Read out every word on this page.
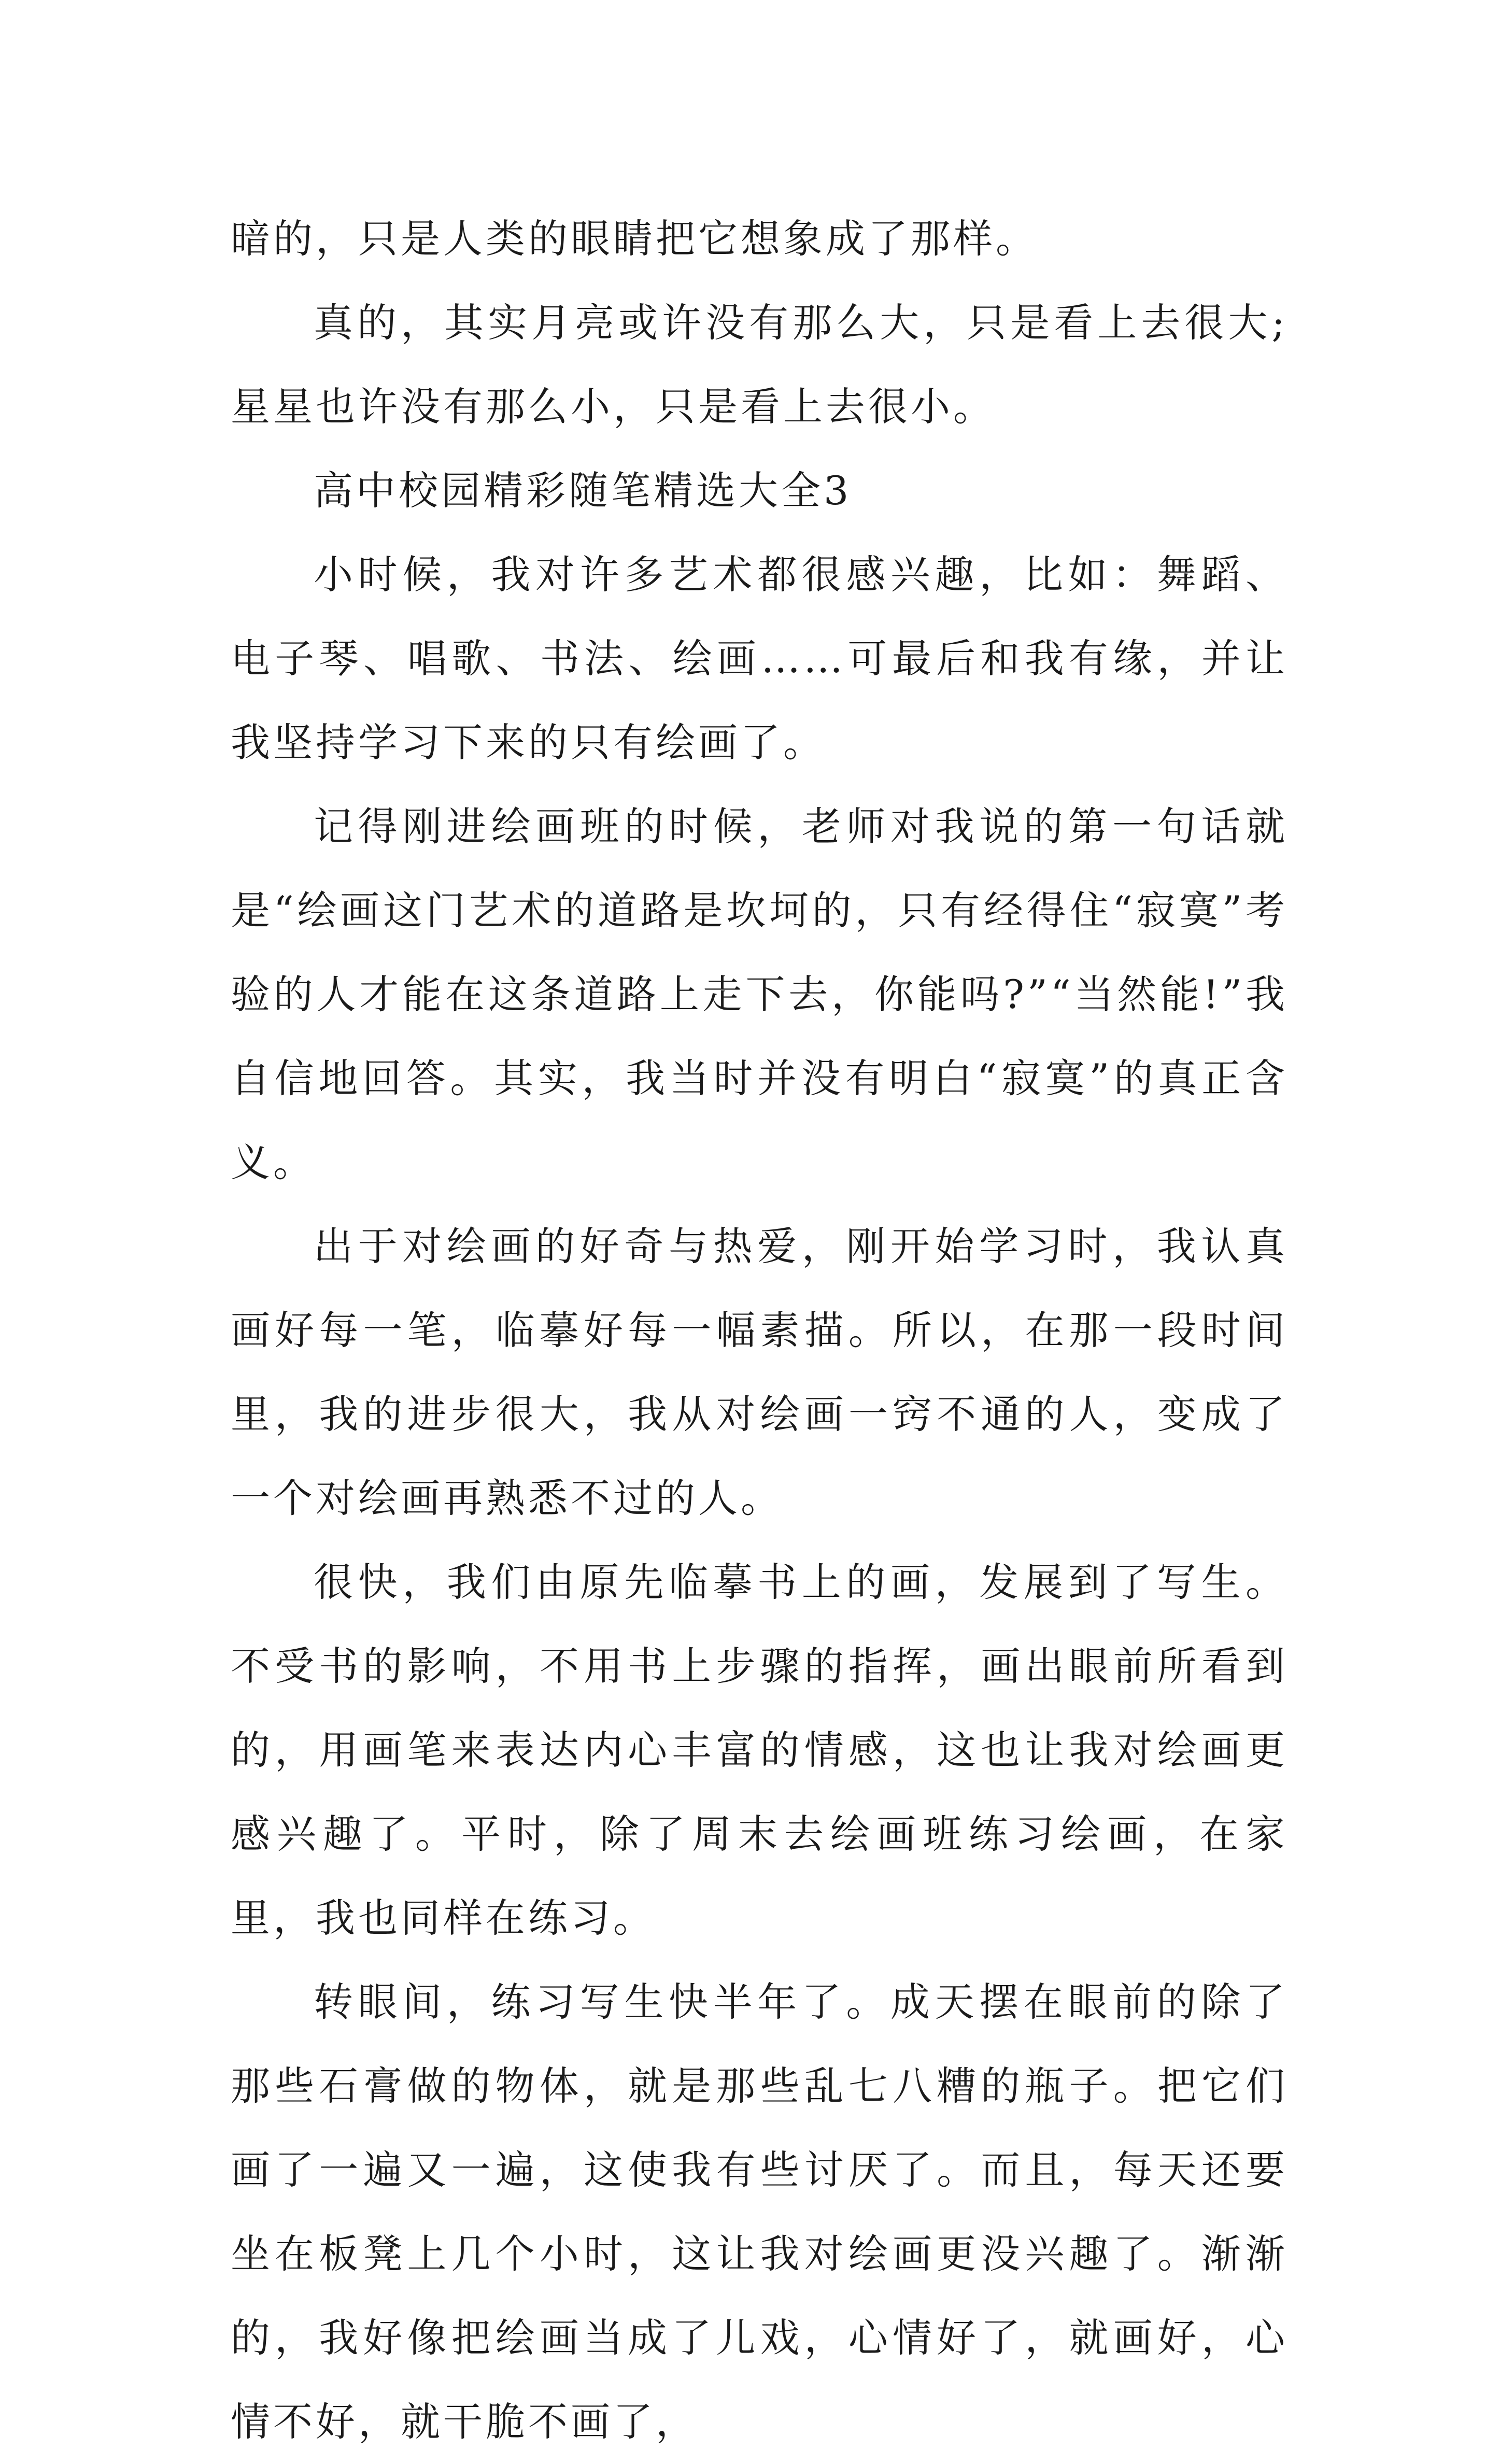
暗的，只是人类的眼睛把它想象成了那样。

真的，其实月亮或许没有那么大，只是看上去很大;星星也许没有那么小，只是看上去很小。

高中校园精彩随笔精选大全3

小时候，我对许多艺术都很感兴趣，比如：舞蹈、电子琴、唱歌、书法、绘画……可最后和我有缘，并让我坚持学习下来的只有绘画了。

记得刚进绘画班的时候，老师对我说的第一句话就是“绘画这门艺术的道路是坎坷的，只有经得住“寂寞”考验的人才能在这条道路上走下去，你能吗?”“当然能!”我自信地回答。其实，我当时并没有明白“寂寞”的真正含义。

出于对绘画的好奇与热爱，刚开始学习时，我认真画好每一笔，临摹好每一幅素描。所以，在那一段时间里，我的进步很大，我从对绘画一窍不通的人，变成了一个对绘画再熟悉不过的人。

很快，我们由原先临摹书上的画，发展到了写生。不受书的影响，不用书上步骤的指挥，画出眼前所看到的，用画笔来表达内心丰富的情感，这也让我对绘画更感兴趣了。平时，除了周末去绘画班练习绘画，在家里，我也同样在练习。

转眼间，练习写生快半年了。成天摆在眼前的除了那些石膏做的物体，就是那些乱七八糟的瓶子。把它们画了一遍又一遍，这使我有些讨厌了。而且，每天还要坐在板凳上几个小时，这让我对绘画更没兴趣了。渐渐的，我好像把绘画当成了儿戏，心情好了，就画好，心情不好，就干脆不画了，
